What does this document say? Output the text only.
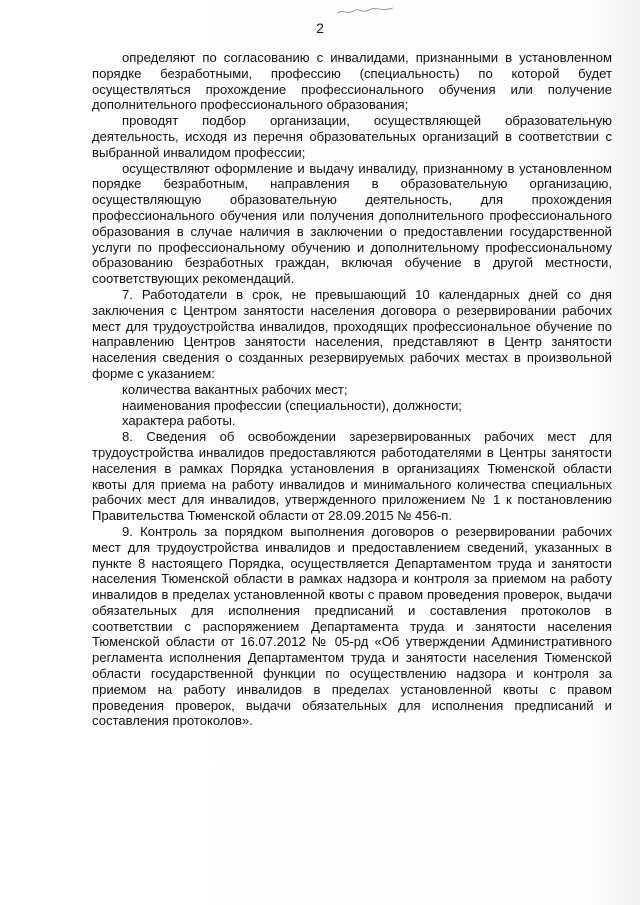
2

определяют по согласованию с инвалидами, признанными в установленном порядке безработными, профессию (специальность) по которой будет осуществляться прохождение профессионального обучения или получение дополнительного профессионального образования;

проводят подбор организации, осуществляющей образовательную деятельность, исходя из перечня образовательных организаций в соответствии с выбранной инвалидом профессии;

осуществляют оформление и выдачу инвалиду, признанному в установленном порядке безработным, направления в образовательную организацию, осуществляющую образовательную деятельность, для прохождения профессионального обучения или получения дополнительного профессионального образования в случае наличия в заключении о предоставлении государственной услуги по профессиональному обучению и дополнительному профессиональному образованию безработных граждан, включая обучение в другой местности, соответствующих рекомендаций.

7. Работодатели в срок, не превышающий 10 календарных дней со дня заключения с Центром занятости населения договора о резервировании рабочих мест для трудоустройства инвалидов, проходящих профессиональное обучение по направлению Центров занятости населения, представляют в Центр занятости населения сведения о созданных резервируемых рабочих местах в произвольной форме с указанием:

количества вакантных рабочих мест;

наименования профессии (специальности), должности;

характера работы.

8. Сведения об освобождении зарезервированных рабочих мест для трудоустройства инвалидов предоставляются работодателями в Центры занятости населения в рамках Порядка установления в организациях Тюменской области квоты для приема на работу инвалидов и минимального количества специальных рабочих мест для инвалидов, утвержденного приложением № 1 к постановлению Правительства Тюменской области от 28.09.2015 № 456-п.

9. Контроль за порядком выполнения договоров о резервировании рабочих мест для трудоустройства инвалидов и предоставлением сведений, указанных в пункте 8 настоящего Порядка, осуществляется Департаментом труда и занятости населения Тюменской области в рамках надзора и контроля за приемом на работу инвалидов в пределах установленной квоты с правом проведения проверок, выдачи обязательных для исполнения предписаний и составления протоколов в соответствии с распоряжением Департамента труда и занятости населения Тюменской области от 16.07.2012 № 05-рд «Об утверждении Административного регламента исполнения Департаментом труда и занятости населения Тюменской области государственной функции по осуществлению надзора и контроля за приемом на работу инвалидов в пределах установленной квоты с правом проведения проверок, выдачи обязательных для исполнения предписаний и составления протоколов».
